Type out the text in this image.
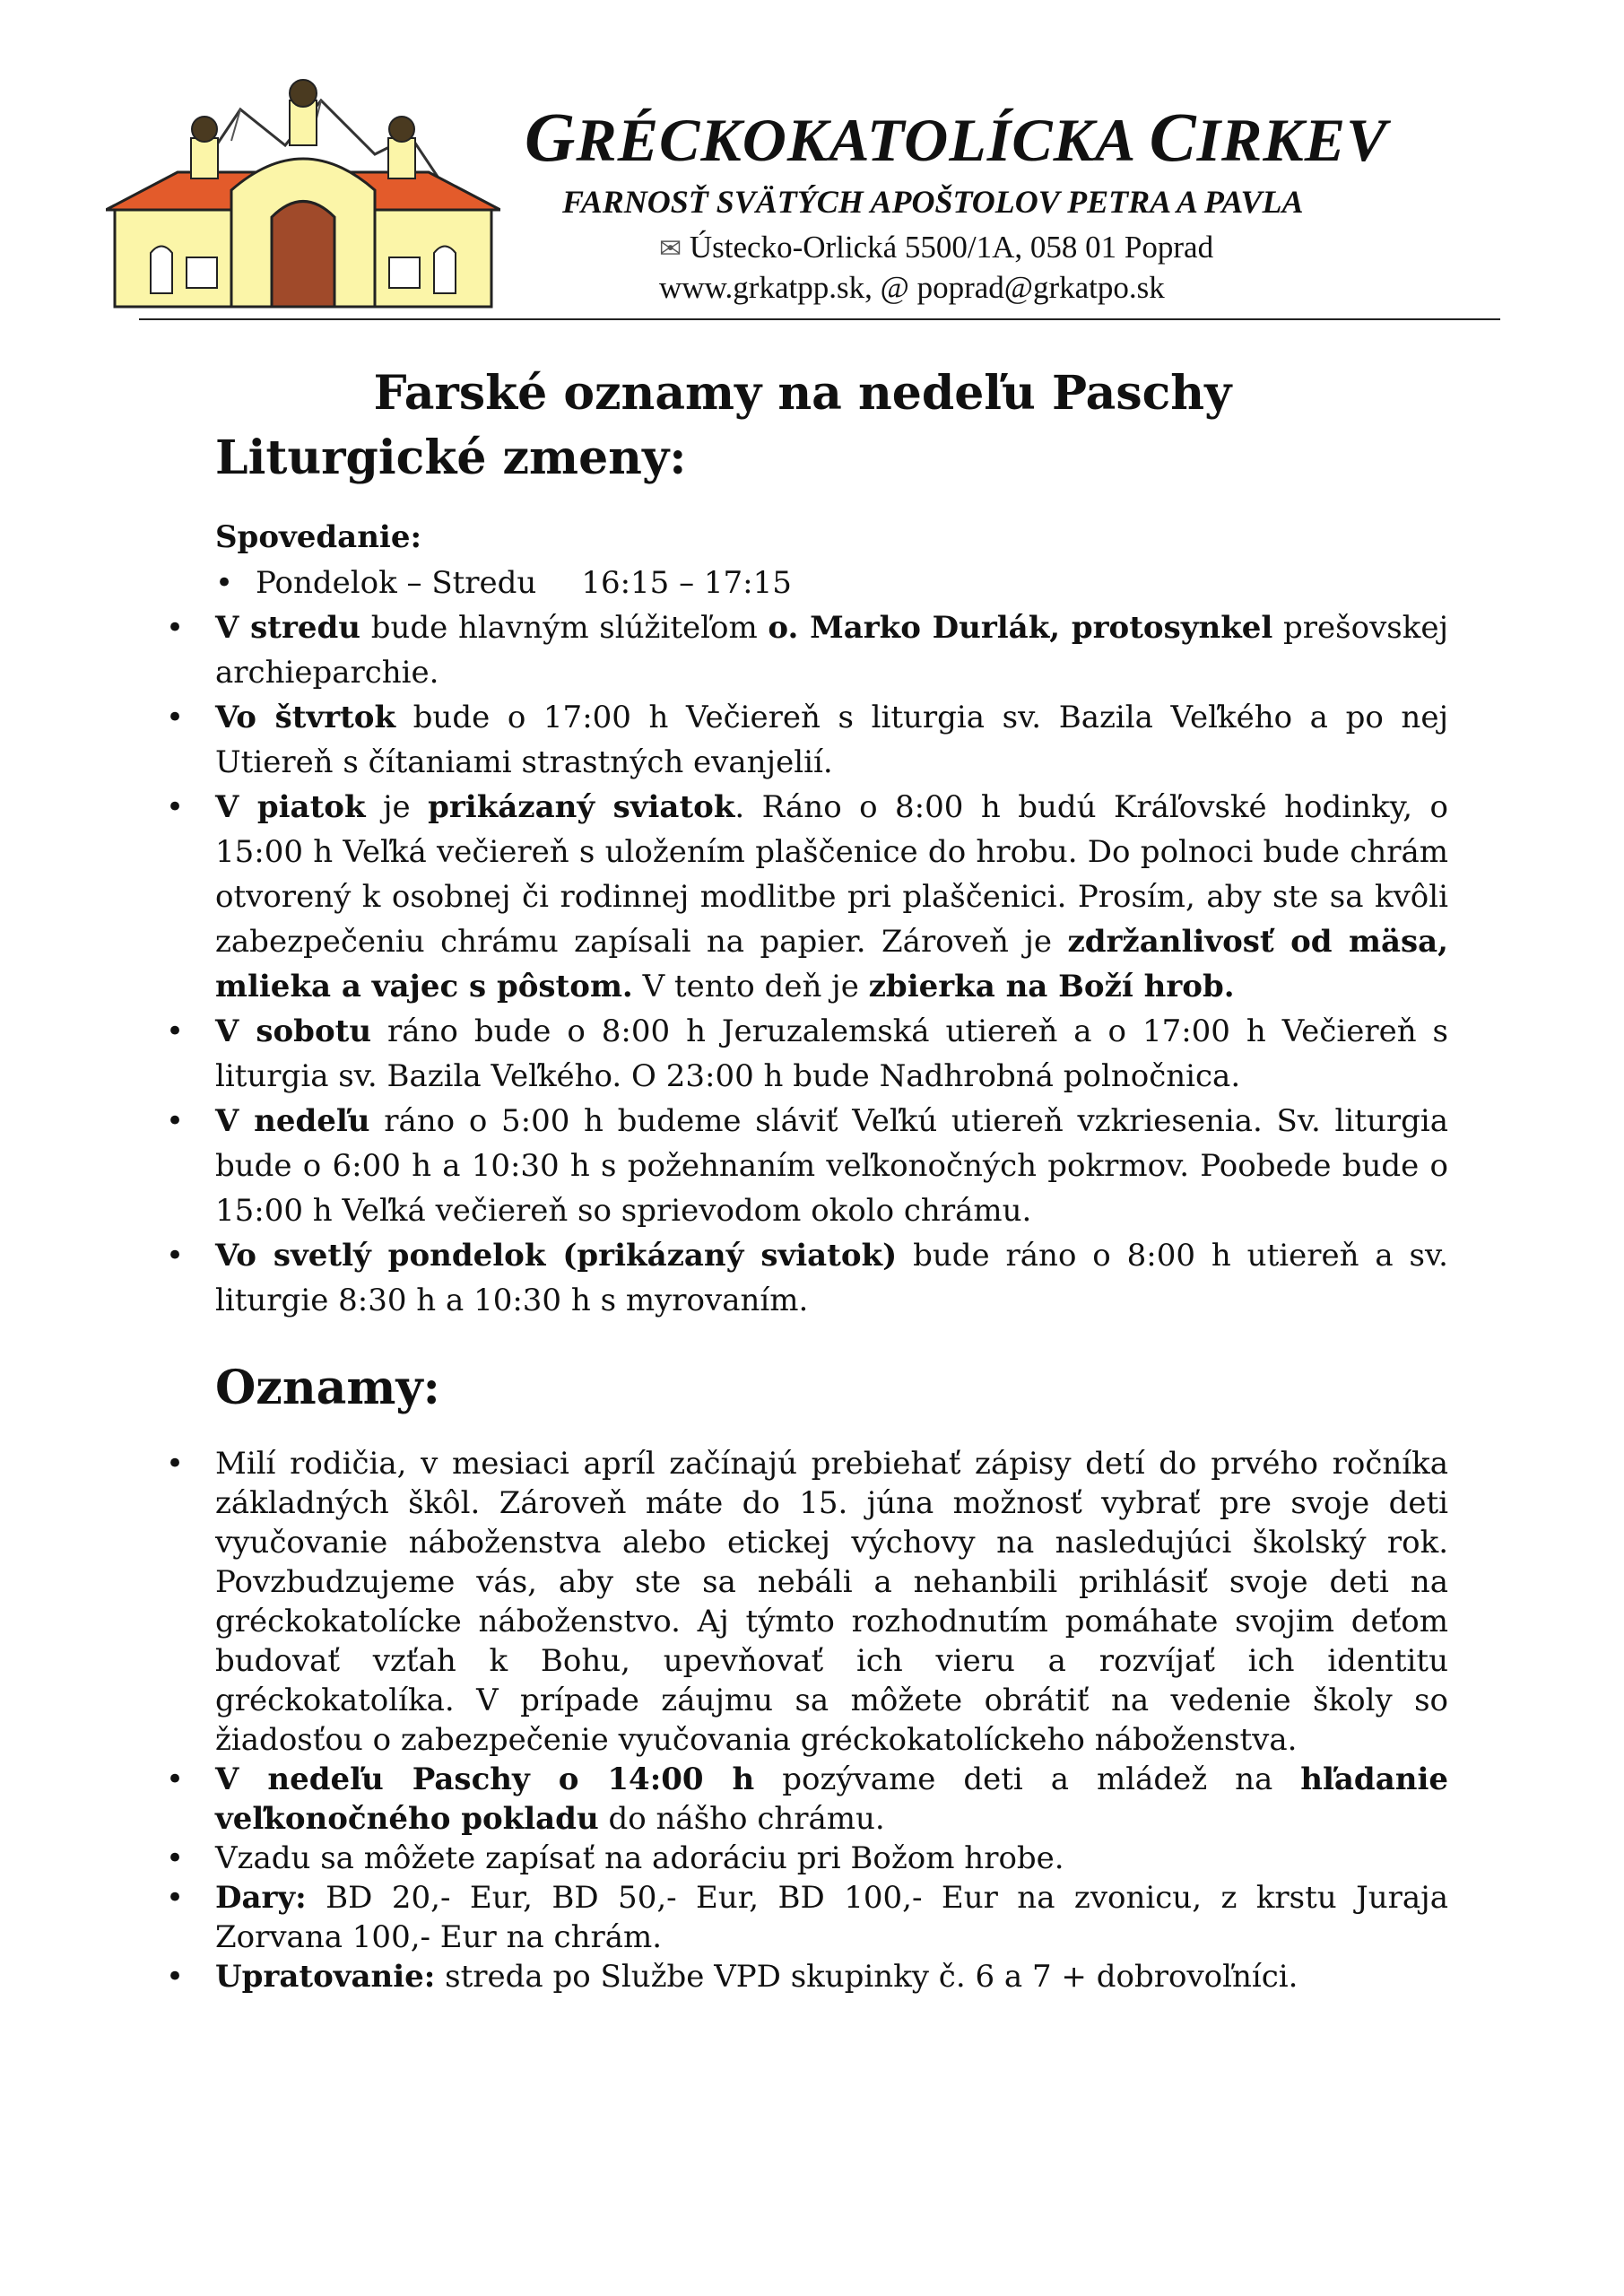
GRÉCKOKATOLÍCKA CIRKEV

FARNOSŤ SVÄTÝCH APOŠTOLOV PETRA A PAVLA

✉ Ústecko-Orlická 5500/1A, 058 01 Poprad
www.grkatpp.sk, @ poprad@grkatpo.sk
Farské oznamy na nedeľu Paschy
Liturgické zmeny:
Spovedanie:
• Pondelok – Stredu 16:15 – 17:15
• V stredu bude hlavným slúžiteľom o. Marko Durlák, protosynkel prešovskej archieparchie.
• Vo štvrtok bude o 17:00 h Večiereň s liturgia sv. Bazila Veľkého a po nej Utiereň s čítaniami strastných evanjelií.
• V piatok je prikázaný sviatok. Ráno o 8:00 h budú Kráľovské hodinky, o 15:00 h Veľká večiereň s uložením plaščenice do hrobu. Do polnoci bude chrám otvorený k osobnej či rodinnej modlitbe pri plaščenici. Prosím, aby ste sa kvôli zabezpečeniu chrámu zapísali na papier. Zároveň je zdržanlivosť od mäsa, mlieka a vajec s pôstom. V tento deň je zbierka na Boží hrob.
• V sobotu ráno bude o 8:00 h Jeruzalemská utiereň a o 17:00 h Večiereň s liturgia sv. Bazila Veľkého. O 23:00 h bude Nadhrobná polnočnica.
• V nedeľu ráno o 5:00 h budeme sláviť Veľkú utiereň vzkriesenia. Sv. liturgia bude o 6:00 h a 10:30 h s požehnaním veľkonočných pokrmov. Poobede bude o 15:00 h Veľká večiereň so sprievodom okolo chrámu.
• Vo svetlý pondelok (prikázaný sviatok) bude ráno o 8:00 h utiereň a sv. liturgie 8:30 h a 10:30 h s myrovaním.
Oznamy:
• Milí rodičia, v mesiaci apríl začínajú prebiehať zápisy detí do prvého ročníka základných škôl. Zároveň máte do 15. júna možnosť vybrať pre svoje deti vyučovanie náboženstva alebo etickej výchovy na nasledujúci školský rok. Povzbudzujeme vás, aby ste sa nebáli a nehanbili prihlásiť svoje deti na gréckokatolícke náboženstvo. Aj týmto rozhodnutím pomáhate svojim deťom budovať vzťah k Bohu, upevňovať ich vieru a rozvíjať ich identitu gréckokatolíka. V prípade záujmu sa môžete obrátiť na vedenie školy so žiadosťou o zabezpečenie vyučovania gréckokatolíckeho náboženstva.
• V nedeľu Paschy o 14:00 h pozývame deti a mládež na hľadanie veľkonočného pokladu do nášho chrámu.
• Vzadu sa môžete zapísať na adoráciu pri Božom hrobe.
• Dary: BD 20,- Eur, BD 50,- Eur, BD 100,- Eur na zvonicu, z krstu Juraja Zorvana 100,- Eur na chrám.
• Upratovanie: streda po Službe VPD skupinky č. 6 a 7 + dobrovoľníci.
